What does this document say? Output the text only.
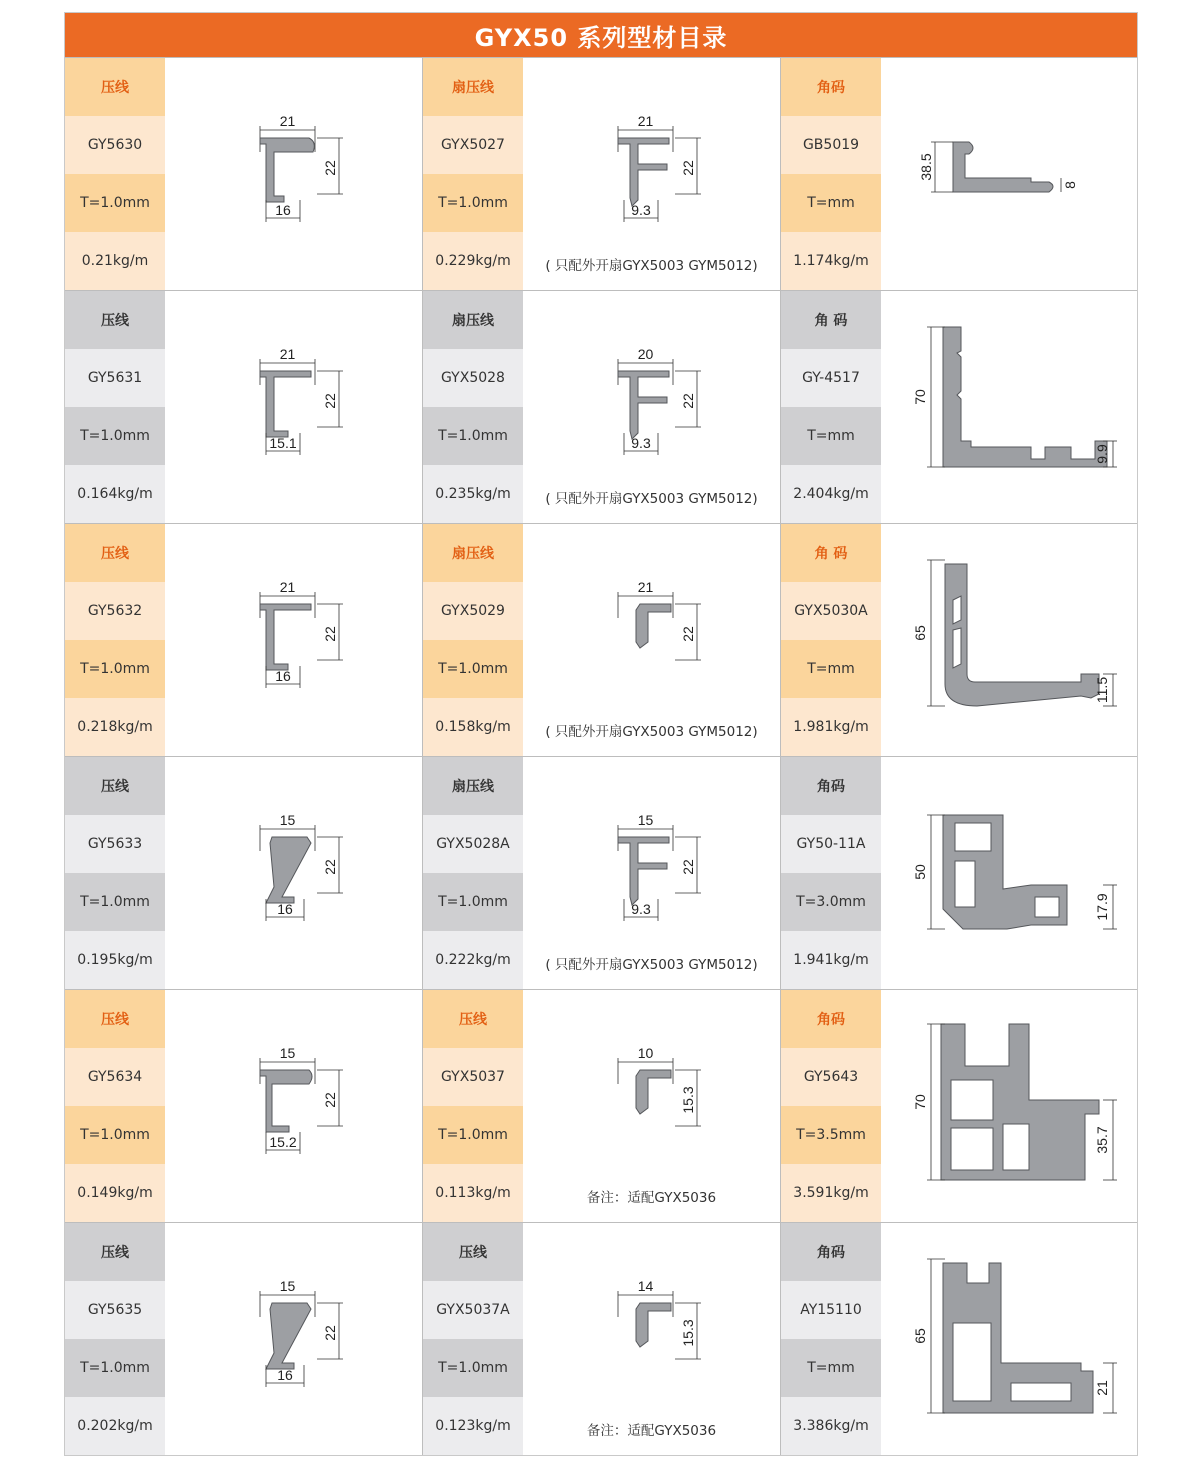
GYX50 系列型材目录
压线
GY5630
T=1.0mm
0.21kg/m
21
22
16
扇压线
GYX5027
T=1.0mm
0.229kg/m
21
22
9.3
( 只配外开扇GYX5003 GYM5012)
角码
GB5019
T=mm
1.174kg/m
38.5
8
压线
GY5631
T=1.0mm
0.164kg/m
21
22
15.1
扇压线
GYX5028
T=1.0mm
0.235kg/m
20
22
9.3
( 只配外开扇GYX5003 GYM5012)
角 码
GY-4517
T=mm
2.404kg/m
70
9.9
压线
GY5632
T=1.0mm
0.218kg/m
21
22
16
扇压线
GYX5029
T=1.0mm
0.158kg/m
21
22
( 只配外开扇GYX5003 GYM5012)
角 码
GYX5030A
T=mm
1.981kg/m
65
11.5
压线
GY5633
T=1.0mm
0.195kg/m
15
22
16
扇压线
GYX5028A
T=1.0mm
0.222kg/m
15
22
9.3
( 只配外开扇GYX5003 GYM5012)
角码
GY50-11A
T=3.0mm
1.941kg/m
50
17.9
压线
GY5634
T=1.0mm
0.149kg/m
15
22
15.2
压线
GYX5037
T=1.0mm
0.113kg/m
10
15.3
备注：适配GYX5036
角码
GY5643
T=3.5mm
3.591kg/m
70
35.7
压线
GY5635
T=1.0mm
0.202kg/m
15
22
16
压线
GYX5037A
T=1.0mm
0.123kg/m
14
15.3
备注：适配GYX5036
角码
AY15110
T=mm
3.386kg/m
65
21
